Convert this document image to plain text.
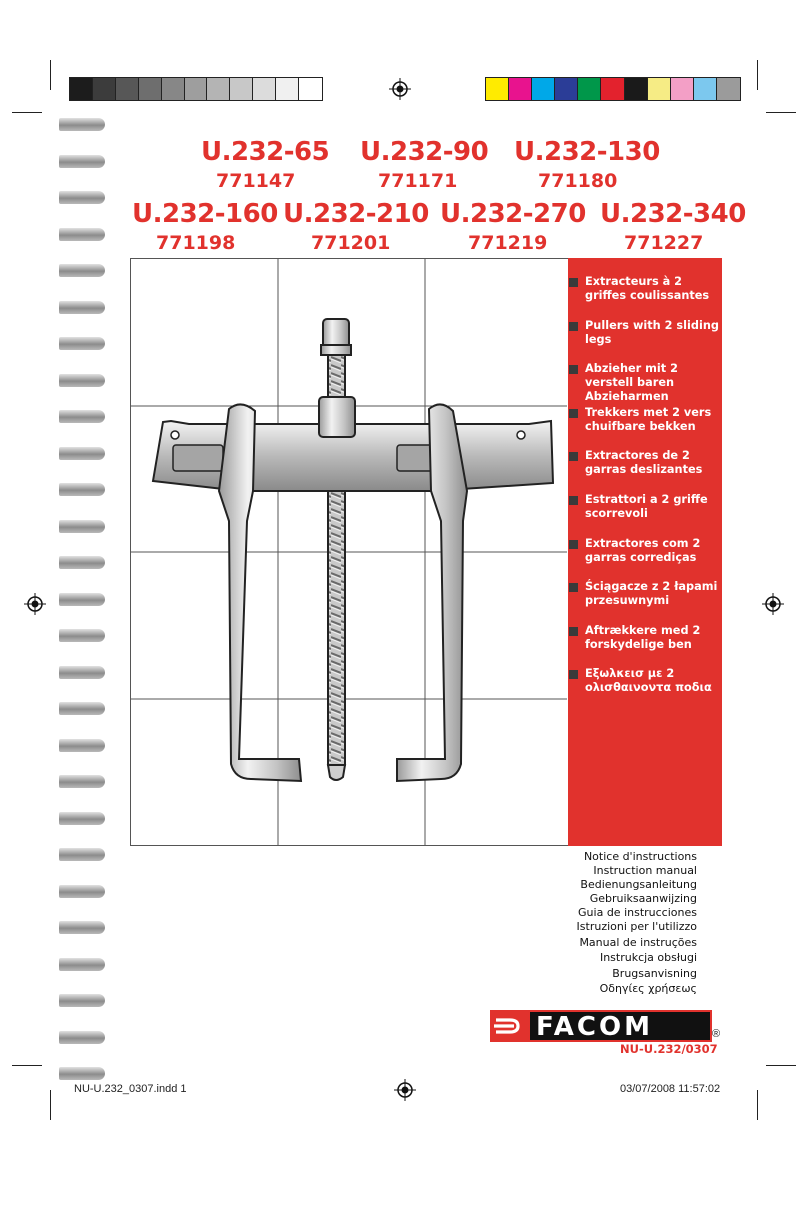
U.232-65
771147
U.232-90
771171
U.232-130
771180
U.232-160
771198
U.232-210
771201
U.232-270
771219
U.232-340
771227
Extracteurs à 2 griffes coulissantes
Pullers with 2 sliding legs
Abzieher mit 2 verstell baren Abzieharmen
Trekkers met 2 vers chuifbare bekken
Extractores de 2 garras deslizantes
Estrattori a 2 griffe scorrevoli
Extractores com 2 garras corrediças
Ściągacze z 2 łapami przesuwnymi
Aftrækkere med 2 forskydelige ben
Εξωλκεισ με 2 ολισθαινοντα ποδια
Notice d'instructions
Instruction manual
Bedienungsanleitung
Gebruiksaanwijzing
Guia de instrucciones
Istruzioni per l'utilizzo
Manual de instruções
Instrukcja obsługi
Brugsanvisning
Οδηγίες χρήσεως
FACOM	®
NU-U.232/0307
NU-U.232_0307.indd 1	03/07/2008 11:57:02
